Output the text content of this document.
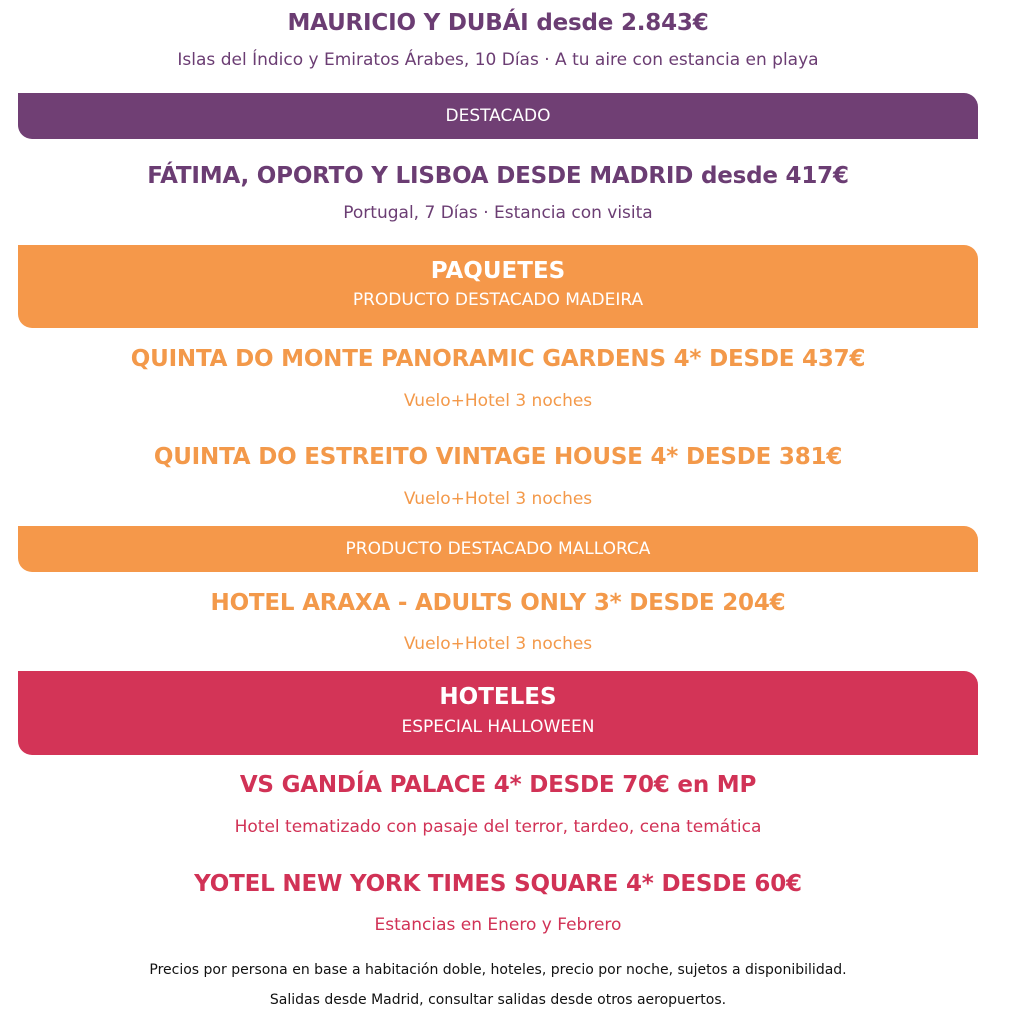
MAURICIO Y DUBÁI desde 2.843€
Islas del Índico y Emiratos Árabes, 10 Días · A tu aire con estancia en playa
DESTACADO
FÁTIMA, OPORTO Y LISBOA DESDE MADRID desde 417€
Portugal, 7 Días · Estancia con visita
PAQUETES
PRODUCTO DESTACADO MADEIRA
QUINTA DO MONTE PANORAMIC GARDENS 4* DESDE 437€
Vuelo+Hotel 3 noches
QUINTA DO ESTREITO VINTAGE HOUSE 4* DESDE 381€
Vuelo+Hotel 3 noches
PRODUCTO DESTACADO MALLORCA
HOTEL ARAXA - ADULTS ONLY 3* DESDE 204€
Vuelo+Hotel 3 noches
HOTELES
ESPECIAL HALLOWEEN
VS GANDÍA PALACE 4* DESDE 70€ en MP
Hotel tematizado con pasaje del terror, tardeo, cena temática
YOTEL NEW YORK TIMES SQUARE 4* DESDE 60€
Estancias en Enero y Febrero
Precios por persona en base a habitación doble, hoteles, precio por noche, sujetos a disponibilidad.
Salidas desde Madrid, consultar salidas desde otros aeropuertos.
